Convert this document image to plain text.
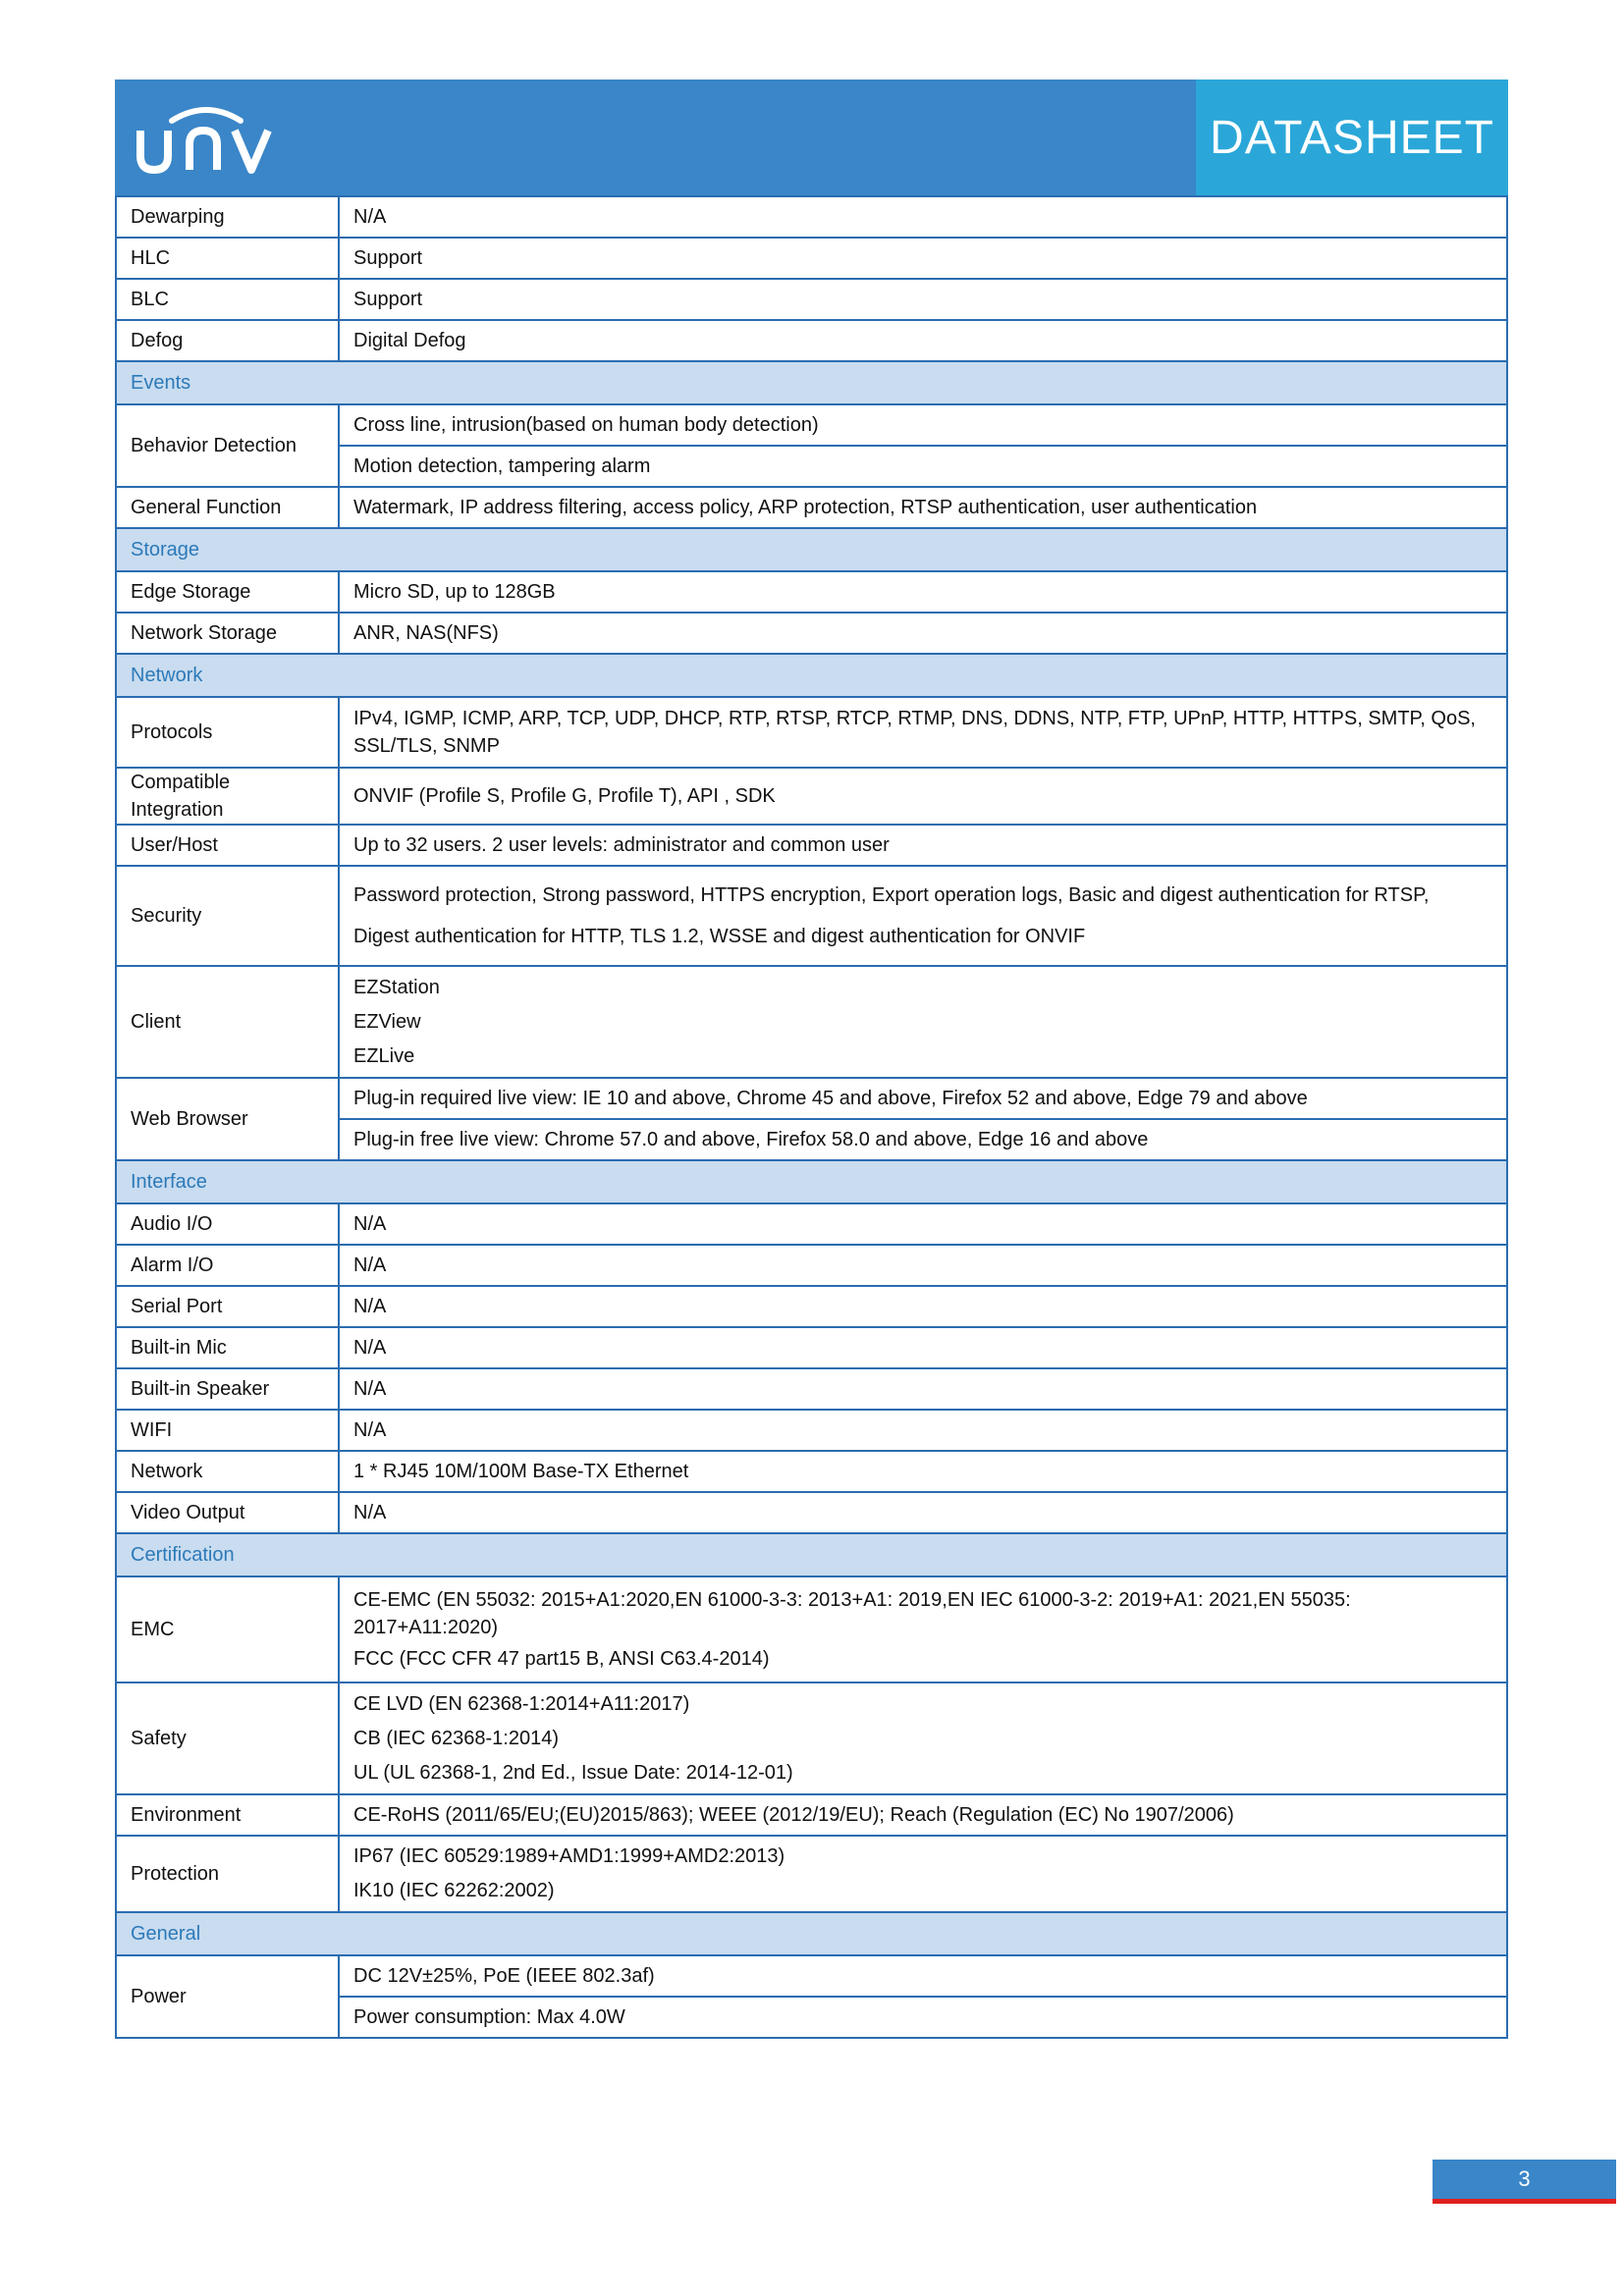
DATASHEET
Dewarping	N/A
HLC	Support
BLC	Support
Defog	Digital Defog
Events	
Behavior Detection	Cross line, intrusion(based on human body detection)
	Motion detection, tampering alarm
General Function	Watermark, IP address filtering, access policy, ARP protection, RTSP authentication, user authentication
Storage	
Edge Storage	Micro SD, up to 128GB
Network Storage	ANR, NAS(NFS)
Network	
Protocols	IPv4, IGMP, ICMP, ARP, TCP, UDP, DHCP, RTP, RTSP, RTCP, RTMP, DNS, DDNS, NTP, FTP, UPnP, HTTP, HTTPS, SMTP, QoS, SSL/TLS, SNMP
Compatible Integration	ONVIF (Profile S, Profile G, Profile T), API , SDK
User/Host	Up to 32 users. 2 user levels: administrator and common user
Security	Password protection, Strong password, HTTPS encryption, Export operation logs, Basic and digest authentication for RTSP,
Digest authentication for HTTP, TLS 1.2, WSSE and digest authentication for ONVIF

Client	EZStation
EZView
EZLive

Web Browser	Plug-in required live view: IE 10 and above, Chrome 45 and above, Firefox 52 and above, Edge 79 and above
	Plug-in free live view: Chrome 57.0 and above, Firefox 58.0 and above, Edge 16 and above
Interface	
Audio I/O	N/A
Alarm I/O	N/A
Serial Port	N/A
Built-in Mic	N/A
Built-in Speaker	N/A
WIFI	N/A
Network	1 * RJ45 10M/100M Base-TX Ethernet
Video Output	N/A
Certification	
EMC	CE-EMC (EN 55032: 2015+A1:2020,EN 61000-3-3: 2013+A1: 2019,EN IEC 61000-3-2: 2019+A1: 2021,EN 55035: 2017+A11:2020)
FCC (FCC CFR 47 part15 B, ANSI C63.4-2014)

Safety	CE LVD (EN 62368-1:2014+A11:2017)
CB (IEC 62368-1:2014)
UL (UL 62368-1, 2nd Ed., Issue Date: 2014-12-01)

Environment	CE-RoHS (2011/65/EU;(EU)2015/863); WEEE (2012/19/EU); Reach (Regulation (EC) No 1907/2006)
Protection	IP67 (IEC 60529:1989+AMD1:1999+AMD2:2013)
IK10 (IEC 62262:2002)

General	
Power	DC 12V±25%, PoE (IEEE 802.3af)
	Power consumption: Max 4.0W
3
